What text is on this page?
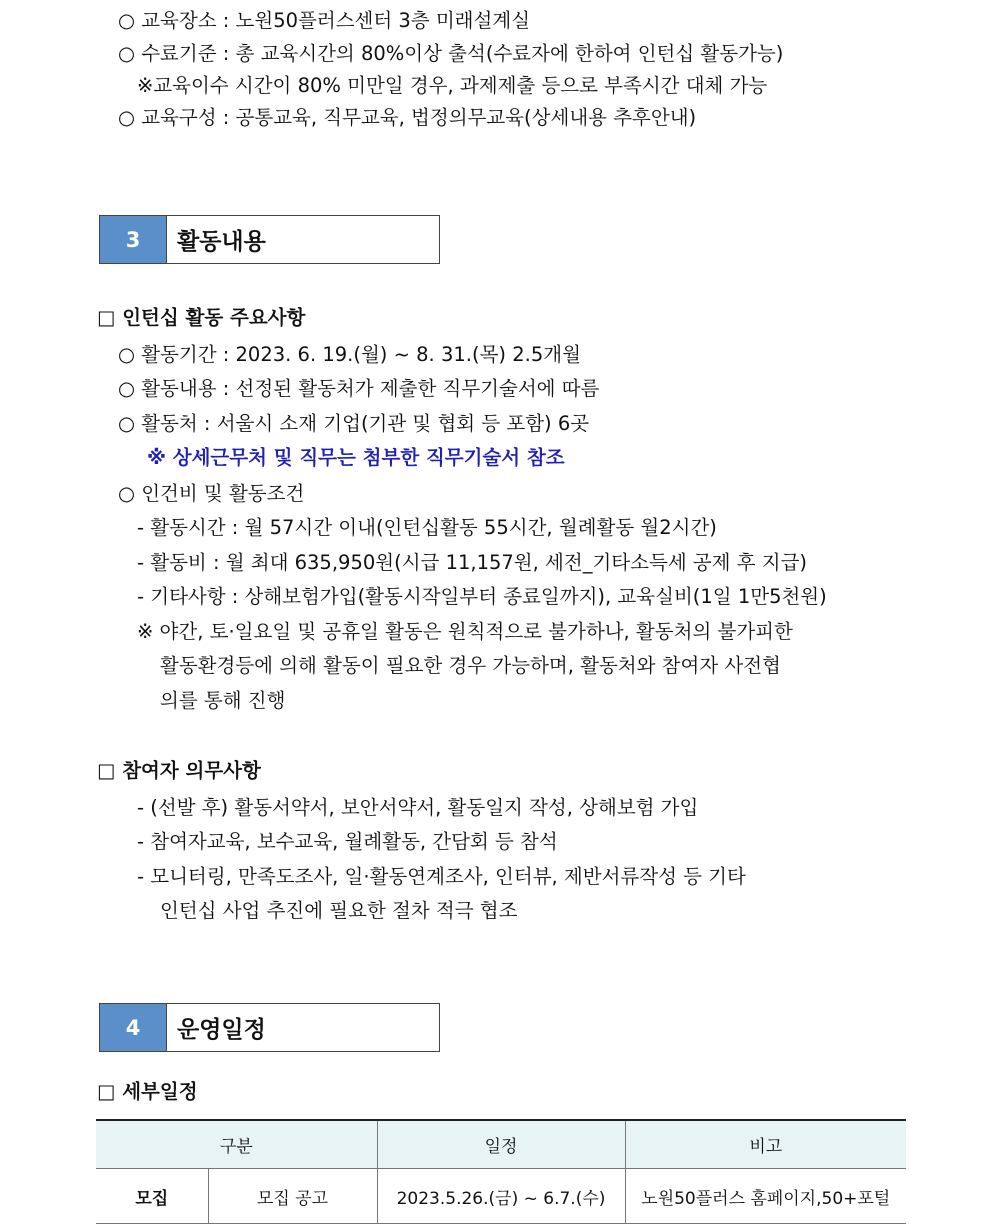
○ 교육장소 : 노원50플러스센터 3층 미래설계실
○ 수료기준 : 총 교육시간의 80%이상 출석(수료자에 한하여 인턴십 활동가능)
※교육이수 시간이 80% 미만일 경우, 과제제출 등으로 부족시간 대체 가능
○ 교육구성 : 공통교육, 직무교육, 법정의무교육(상세내용 추후안내)
3	활동내용
□ 인턴십 활동 주요사항
○ 활동기간 : 2023. 6. 19.(월) ~ 8. 31.(목) 2.5개월
○ 활동내용 : 선정된 활동처가 제출한 직무기술서에 따름
○ 활동처 : 서울시 소재 기업(기관 및 협회 등 포함) 6곳
※ 상세근무처 및 직무는 첨부한 직무기술서 참조
○ 인건비 및 활동조건
- 활동시간 : 월 57시간 이내(인턴십활동 55시간, 월례활동 월2시간)
- 활동비 : 월 최대 635,950원(시급 11,157원, 세전_기타소득세 공제 후 지급)
- 기타사항 : 상해보험가입(활동시작일부터 종료일까지), 교육실비(1일 1만5천원)
※ 야간, 토·일요일 및 공휴일 활동은 원칙적으로 불가하나, 활동처의 불가피한
활동환경등에 의해 활동이 필요한 경우 가능하며, 활동처와 참여자 사전협
의를 통해 진행
□ 참여자 의무사항
- (선발 후) 활동서약서, 보안서약서, 활동일지 작성, 상해보험 가입
- 참여자교육, 보수교육, 월례활동, 간담회 등 참석
- 모니터링, 만족도조사, 일·활동연계조사, 인터뷰, 제반서류작성 등 기타
인턴십 사업 추진에 필요한 절차 적극 협조
4	운영일정
□ 세부일정
구분		일정	비고
모집	모집 공고	2023.5.26.(금) ~ 6.7.(수)	노원50플러스 홈페이지,50+포털
